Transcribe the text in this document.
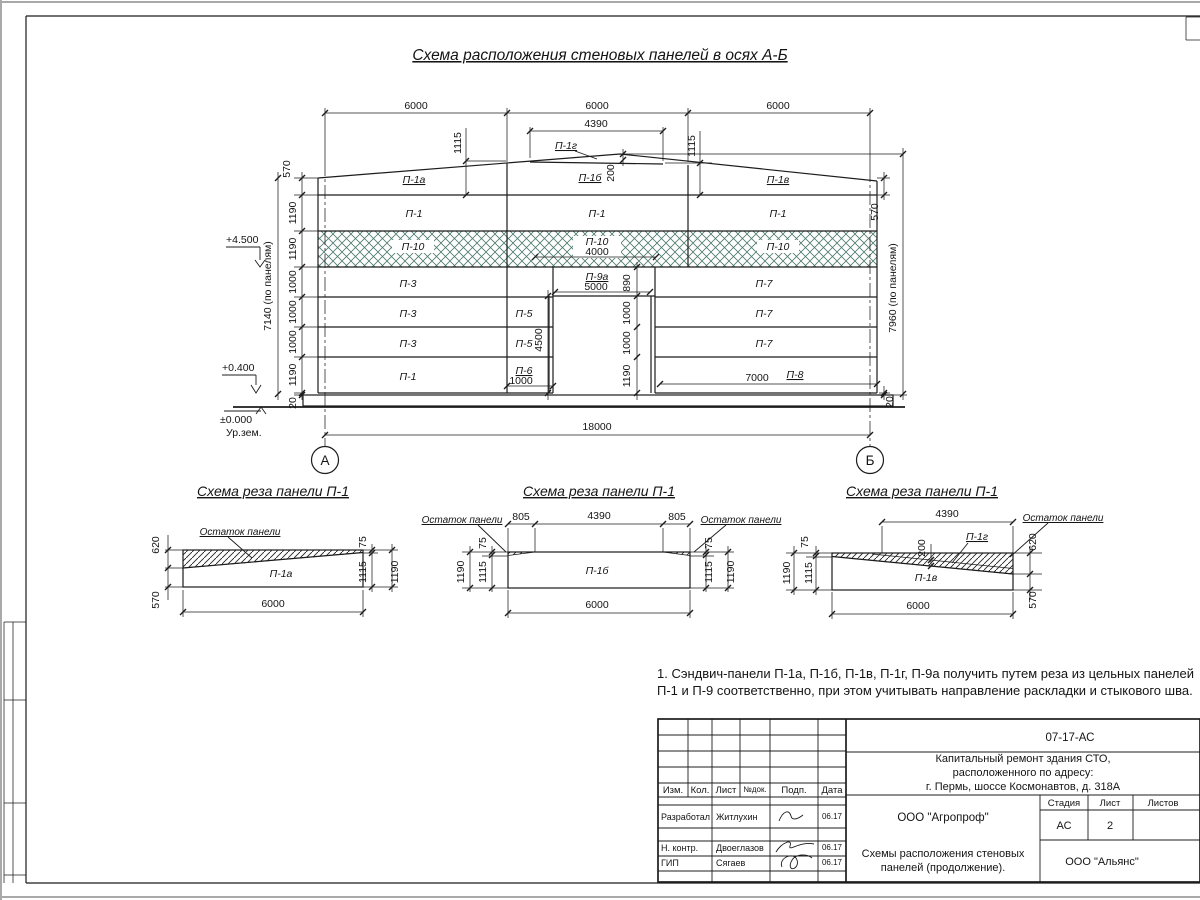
Схема расположения стеновых панелей в осях А-Б
Схема реза панели П-1	Схема реза панели П-1	Схема реза панели П-1
6000	6000	6000
4390
1115	1115
570
1190
1190
1000
1000
1000
1190
20
7140 (по панелям)
+4.500
+0.400
±0.000
Ур.зем.
П-1а	П-1б	П-1в
П-1г
200
П-1	П-1	П-1
П-10	П-10
4000	П-10
П-3
П-9а
5000	П-7
П-3	П-5	П-7
П-3	П-5	П-7
П-1	П-6
1000	7000 П-8
890
1000
1000
1190
4500
570
7960 (по панелям)
20
18000
А	Б
Остаток панели
П-1а
620
570
75
1115 1190
6000
Остаток панели	Остаток панели
805	4390	805
75
1115
1190
75
1115 1190
П-1б
6000
4390	Остаток панели
200
П-1г
П-1в
75
1115
1190
620
570
6000
1. Сэндвич-панели П-1а, П-1б, П-1в, П-1г, П-9а получить путем реза из цельных панелей
П-1 и П-9 соответственно, при этом учитывать направление раскладки и стыкового шва.
Изм. Кол. Лист №док. Подп. Дата
Разработал Житлухин	06.17
Н. контр. Двоеглазов	06.17
ГИП	Сягаев	06.17
07-17-АС
Капитальный ремонт здания СТО,
расположенного по адресу:
г. Пермь, шоссе Космонавтов, д. 318А
Стадия Лист	Листов
АС	2
ООО "Агропроф"
Схемы расположения стеновых
панелей (продолжение).	ООО "Альянс"
